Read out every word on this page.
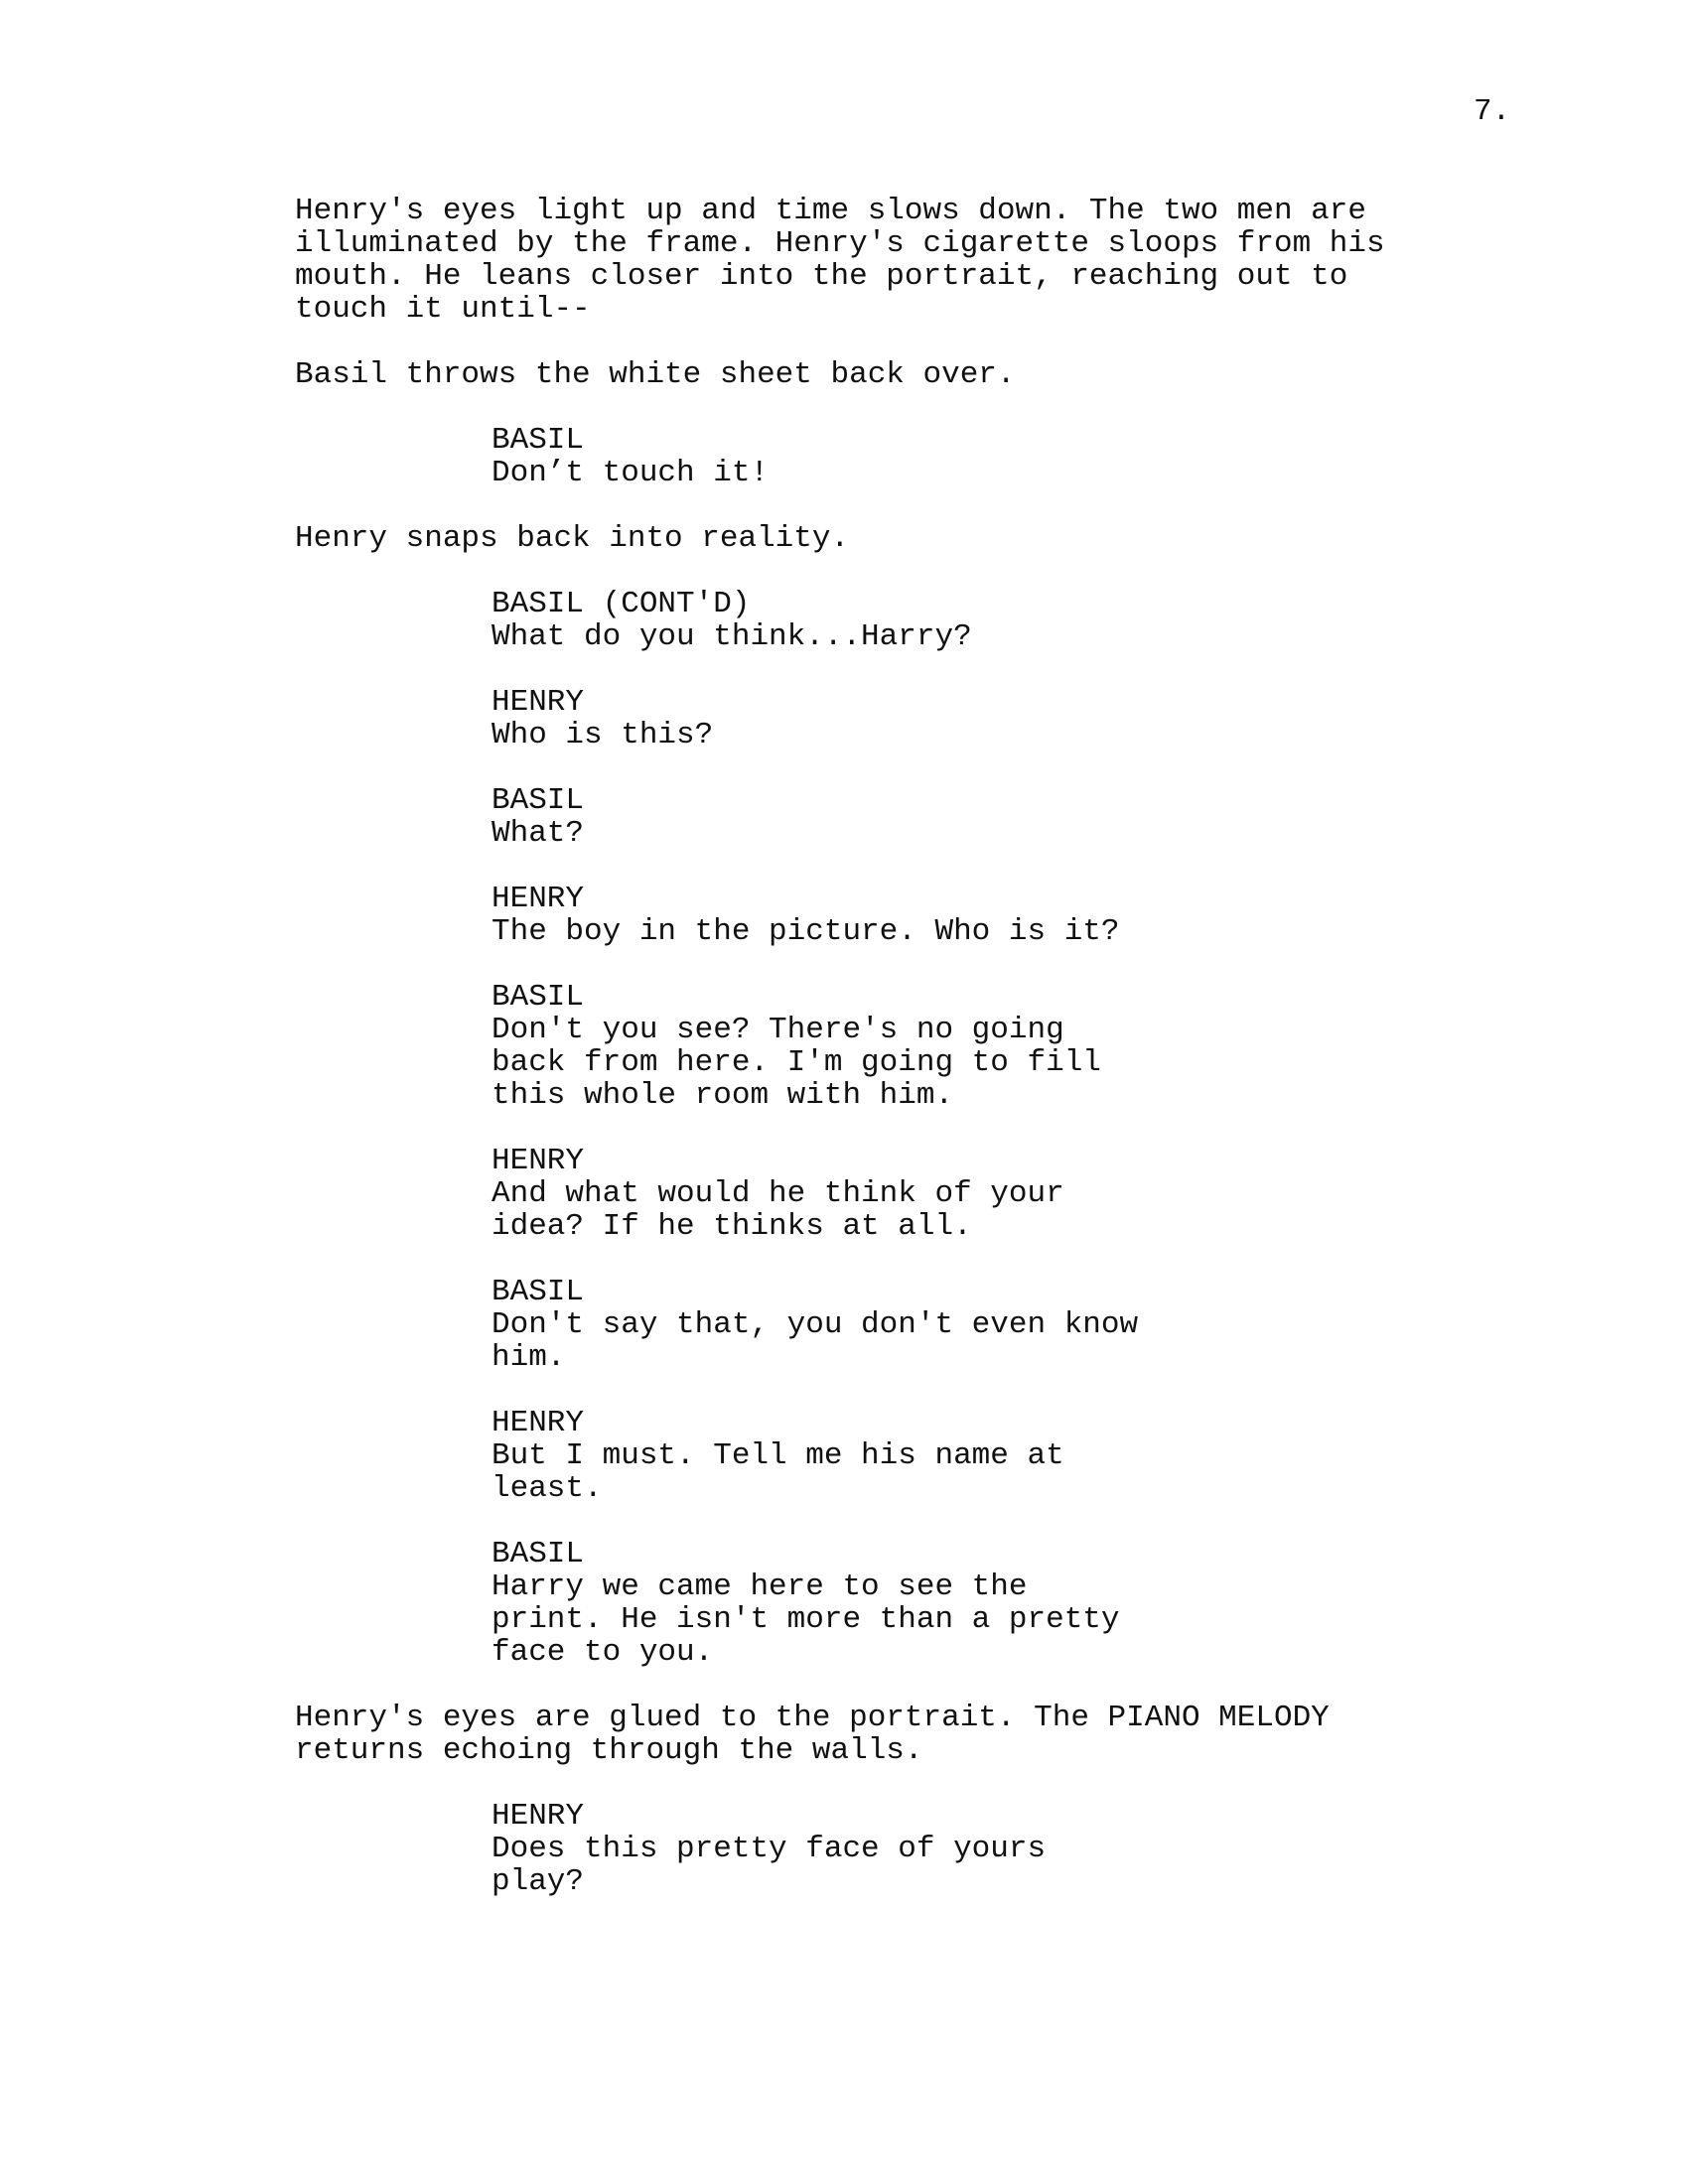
7.
Henry's eyes light up and time slows down. The two men are
illuminated by the frame. Henry's cigarette sloops from his
mouth. He leans closer into the portrait, reaching out to
touch it until--
Basil throws the white sheet back over.
BASIL
Don’t touch it!
Henry snaps back into reality.
BASIL (CONT'D)
What do you think...Harry?
HENRY
Who is this?
BASIL
What?
HENRY
The boy in the picture. Who is it?
BASIL
Don't you see? There's no going
back from here. I'm going to fill
this whole room with him.
HENRY
And what would he think of your
idea? If he thinks at all.
BASIL
Don't say that, you don't even know
him.
HENRY
But I must. Tell me his name at
least.
BASIL
Harry we came here to see the
print. He isn't more than a pretty
face to you.
Henry's eyes are glued to the portrait. The PIANO MELODY
returns echoing through the walls.
HENRY
Does this pretty face of yours
play?
